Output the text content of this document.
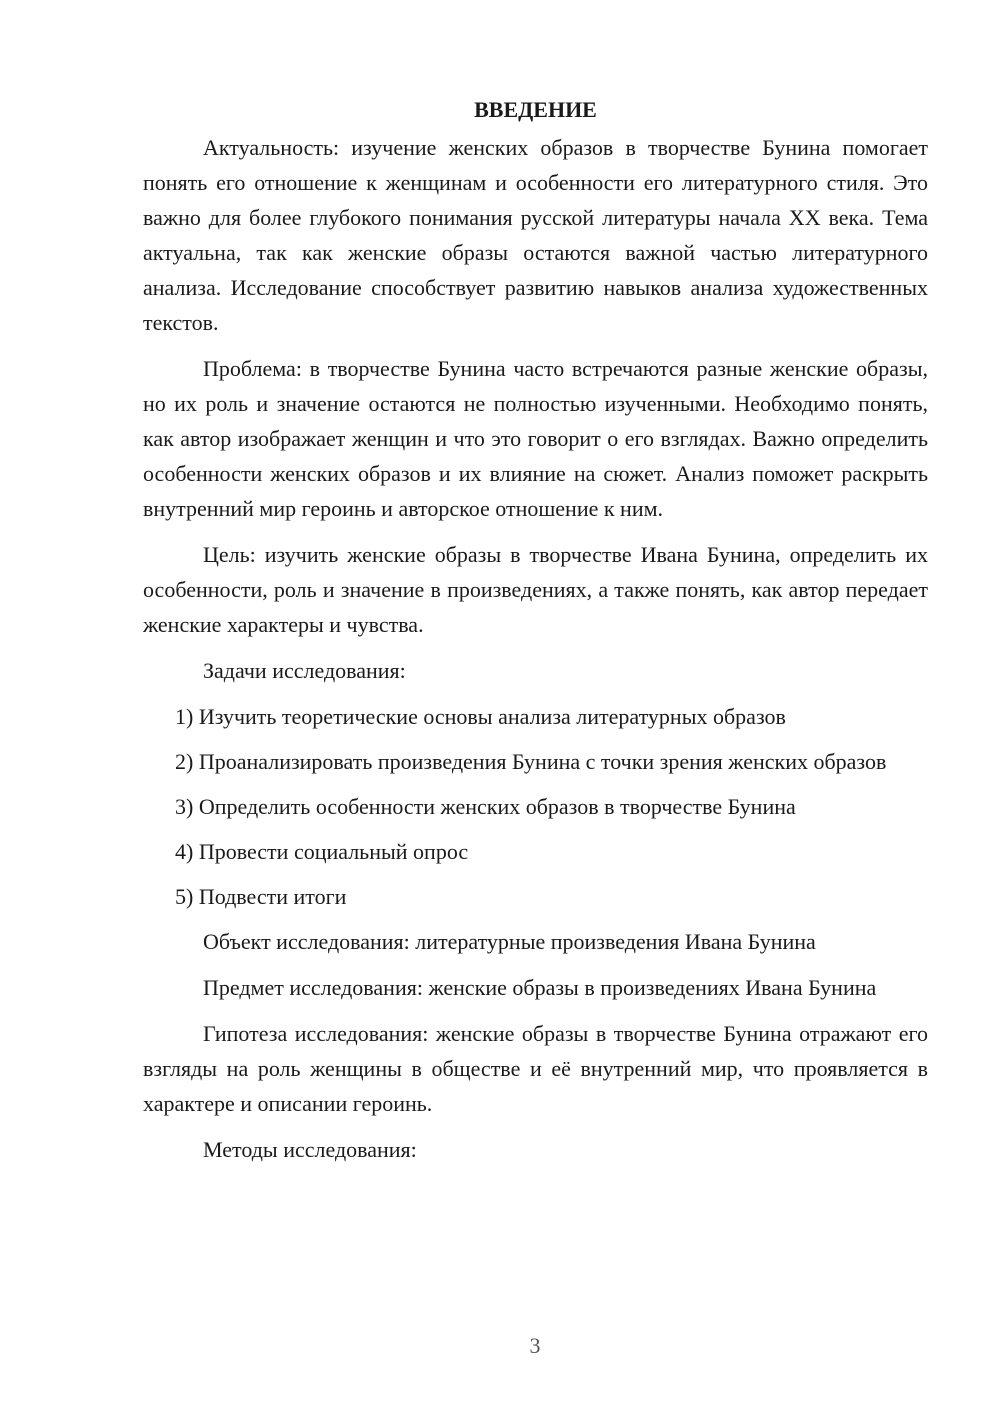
ВВЕДЕНИЕ

Актуальность: изучение женских образов в творчестве Бунина помогает понять его отношение к женщинам и особенности его литературного стиля. Это важно для более глубокого понимания русской литературы начала XX века. Тема актуальна, так как женские образы остаются важной частью литературного анализа. Исследование способствует развитию навыков анализа художественных текстов.

Проблема: в творчестве Бунина часто встречаются разные женские образы, но их роль и значение остаются не полностью изученными. Необходимо понять, как автор изображает женщин и что это говорит о его взглядах. Важно определить особенности женских образов и их влияние на сюжет. Анализ поможет раскрыть внутренний мир героинь и авторское отношение к ним.

Цель: изучить женские образы в творчестве Ивана Бунина, определить их особенности, роль и значение в произведениях, а также понять, как автор передает женские характеры и чувства.

Задачи исследования:

1) Изучить теоретические основы анализа литературных образов

2) Проанализировать произведения Бунина с точки зрения женских образов

3) Определить особенности женских образов в творчестве Бунина

4) Провести социальный опрос

5) Подвести итоги

Объект исследования: литературные произведения Ивана Бунина

Предмет исследования: женские образы в произведениях Ивана Бунина

Гипотеза исследования: женские образы в творчестве Бунина отражают его взгляды на роль женщины в обществе и её внутренний мир, что проявляется в характере и описании героинь.

Методы исследования:

3
